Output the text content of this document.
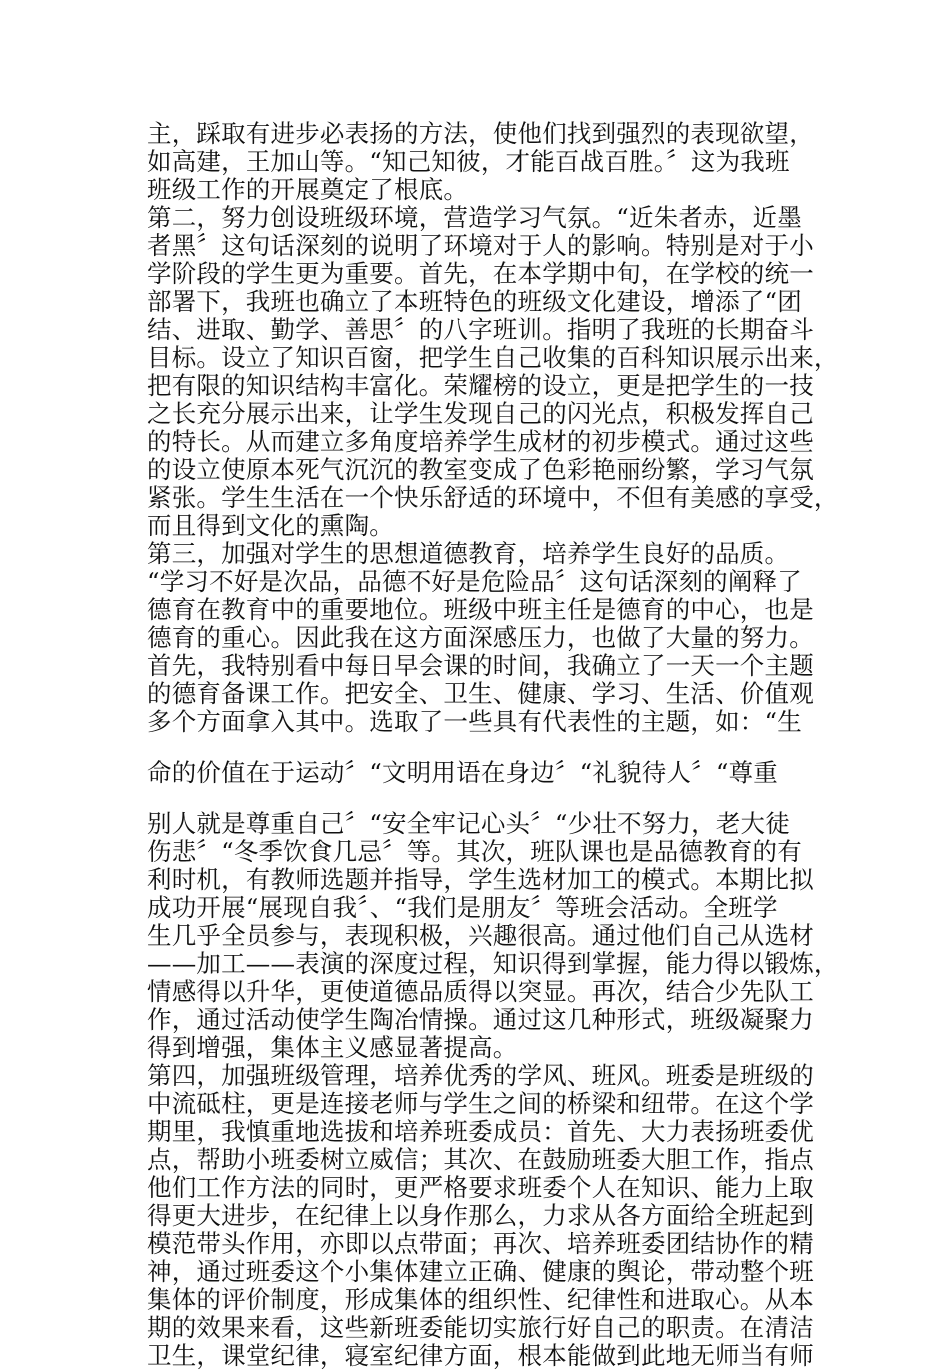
主，踩取有进步必表扬的方法，使他们找到强烈的表现欲望，
如高建，王加山等。“知己知彼，才能百战百胜。〞这为我班
班级工作的开展奠定了根底。
第二，努力创设班级环境，营造学习气氛。“近朱者赤，近墨
者黑〞这句话深刻的说明了环境对于人的影响。特别是对于小
学阶段的学生更为重要。首先，在本学期中旬，在学校的统一
部署下，我班也确立了本班特色的班级文化建设，增添了“团
结、进取、勤学、善思〞的八字班训。指明了我班的长期奋斗
目标。设立了知识百窗，把学生自己收集的百科知识展示出来，
把有限的知识结构丰富化。荣耀榜的设立，更是把学生的一技
之长充分展示出来，让学生发现自己的闪光点，积极发挥自己
的特长。从而建立多角度培养学生成材的初步模式。通过这些
的设立使原本死气沉沉的教室变成了色彩艳丽纷繁，学习气氛
紧张。学生生活在一个快乐舒适的环境中，不但有美感的享受，
而且得到文化的熏陶。
第三，加强对学生的思想道德教育，培养学生良好的品质。
“学习不好是次品，品德不好是危险品〞这句话深刻的阐释了
德育在教育中的重要地位。班级中班主任是德育的中心，也是
德育的重心。因此我在这方面深感压力，也做了大量的努力。
首先，我特别看中每日早会课的时间，我确立了一天一个主题
的德育备课工作。把安全、卫生、健康、学习、生活、价值观
多个方面拿入其中。选取了一些具有代表性的主题，如：“生
命的价值在于运动〞“文明用语在身边〞“礼貌待人〞“尊重
别人就是尊重自己〞“安全牢记心头〞“少壮不努力，老大徒
伤悲〞“冬季饮食几忌〞等。其次，班队课也是品德教育的有
利时机，有教师选题并指导，学生选材加工的模式。本期比拟
成功开展“展现自我〞、“我们是朋友〞等班会活动。全班学
生几乎全员参与，表现积极，兴趣很高。通过他们自己从选材
——加工——表演的深度过程，知识得到掌握，能力得以锻炼，
情感得以升华，更使道德品质得以突显。再次，结合少先队工
作，通过活动使学生陶冶情操。通过这几种形式，班级凝聚力
得到增强，集体主义感显著提高。
第四，加强班级管理，培养优秀的学风、班风。班委是班级的
中流砥柱，更是连接老师与学生之间的桥梁和纽带。在这个学
期里，我慎重地选拔和培养班委成员：首先、大力表扬班委优
点，帮助小班委树立威信；其次、在鼓励班委大胆工作，指点
他们工作方法的同时，更严格要求班委个人在知识、能力上取
得更大进步，在纪律上以身作那么，力求从各方面给全班起到
模范带头作用，亦即以点带面；再次、培养班委团结协作的精
神，通过班委这个小集体建立正确、健康的舆论，带动整个班
集体的评价制度，形成集体的组织性、纪律性和进取心。从本
期的效果来看，这些新班委能切实旅行好自己的职责。在清洁
卫生，课堂纪律，寝室纪律方面，根本能做到此地无师当有师
